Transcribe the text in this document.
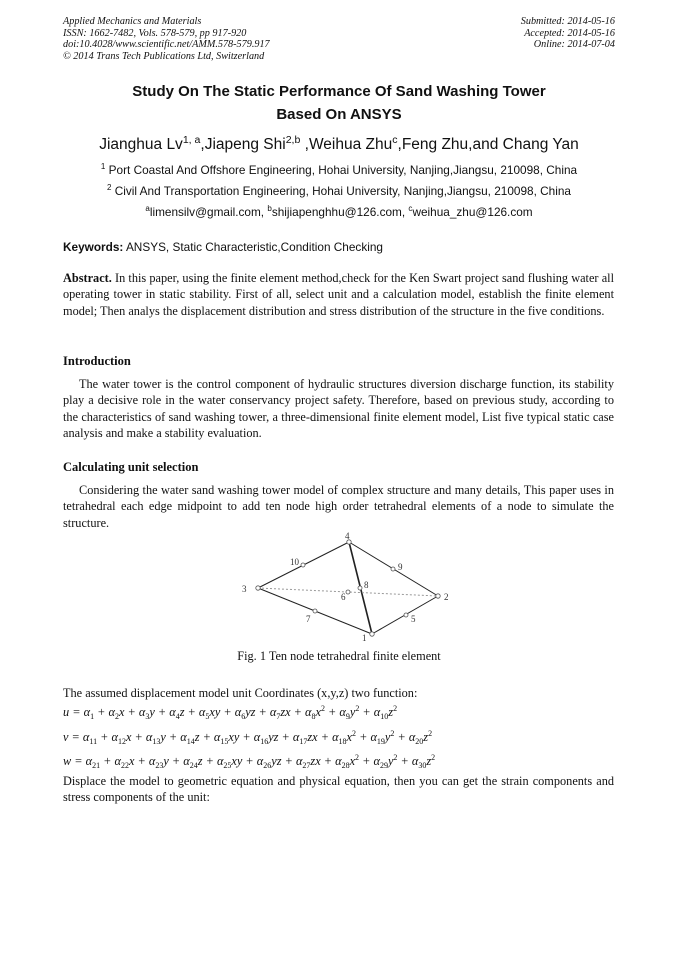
Applied Mechanics and Materials
ISSN: 1662-7482, Vols. 578-579, pp 917-920
doi:10.4028/www.scientific.net/AMM.578-579.917
© 2014 Trans Tech Publications Ltd, Switzerland
Submitted: 2014-05-16
Accepted: 2014-05-16
Online: 2014-07-04
Study On The Static Performance Of Sand Washing Tower
Based On ANSYS
Jianghua Lv$^{1, a}$,Jiapeng Shi$^{2,b}$ ,Weihua Zhu$^c$,Feng Zhu,and Chang Yan
$^1$ Port Coastal And Offshore Engineering, Hohai University, Nanjing,Jiangsu, 210098, China
$^2$ Civil And Transportation Engineering, Hohai University, Nanjing,Jiangsu, 210098, China
$^a$limensilv@gmail.com, $^b$shijiapenghhu@126.com, $^c$weihua_zhu@126.com
Keywords: ANSYS, Static Characteristic,Condition Checking
Abstract. In this paper, using the finite element method,check for the Ken Swart project sand flushing water all operating tower in static stability. First of all, select unit and a calculation model, establish the finite element model; Then analys the displacement distribution and stress distribution of the structure in the five conditions.
Introduction
The water tower is the control component of hydraulic structures diversion discharge function, its stability play a decisive role in the water conservancy project safety. Therefore, based on previous study, according to the characteristics of sand washing tower, a three-dimensional finite element model, List five typical static case analysis and make a stability evaluation.
Calculating unit selection
Considering the water sand washing tower model of complex structure and many details, This paper uses in tetrahedral each edge midpoint to add ten node high order tetrahedral elements of a node to simulate the structure.
1
2
3
4
5
6
7
8
9
10
Fig. 1 Ten node tetrahedral finite element
The assumed displacement model unit Coordinates (x,y,z) two function:
$u = \alpha_1 + \alpha_2x + \alpha_3y + \alpha_4z + \alpha_5xy + \alpha_6yz + \alpha_7zx + \alpha_8x^2 + \alpha_9y^2 + \alpha_{10}z^2$
$v = \alpha_{11} + \alpha_{12}x + \alpha_{13}y + \alpha_{14}z + \alpha_{15}xy + \alpha_{16}yz + \alpha_{17}zx + \alpha_{18}x^2 + \alpha_{19}y^2 + \alpha_{20}z^2$
$w = \alpha_{21} + \alpha_{22}x + \alpha_{23}y + \alpha_{24}z + \alpha_{25}xy + \alpha_{26}yz + \alpha_{27}zx + \alpha_{28}x^2 + \alpha_{29}y^2 + \alpha_{30}z^2$
Displace the model to geometric equation and physical equation, then you can get the strain components and stress components of the unit:
